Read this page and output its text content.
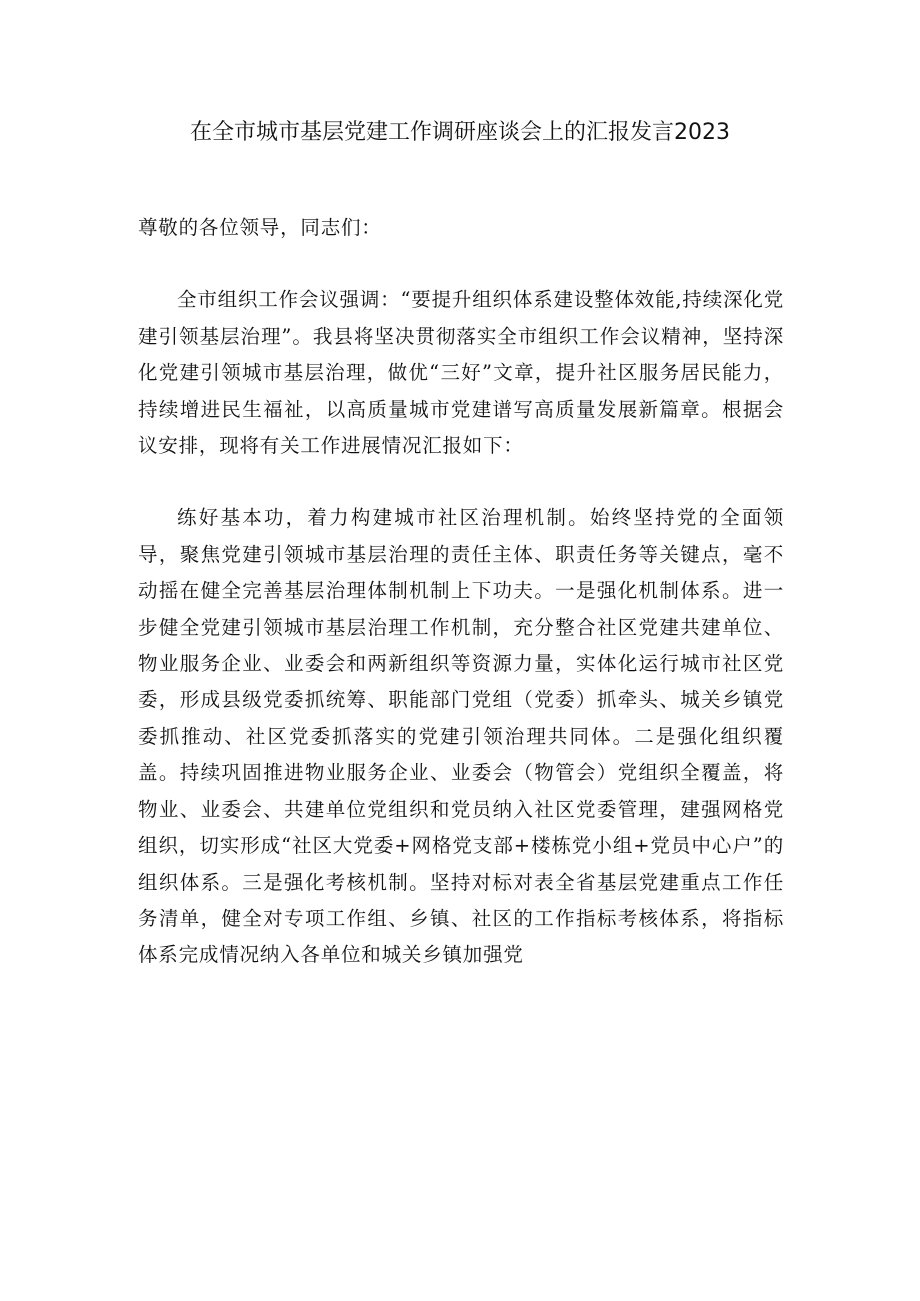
在全市城市基层党建工作调研座谈会上的汇报发言2023

尊敬的各位领导，同志们：

全市组织工作会议强调：“要提升组织体系建设整体效能,持续深化党建引领基层治理”。我县将坚决贯彻落实全市组织工作会议精神，坚持深化党建引领城市基层治理，做优“三好”文章，提升社区服务居民能力，持续增进民生福祉，以高质量城市党建谱写高质量发展新篇章。根据会议安排，现将有关工作进展情况汇报如下：

练好基本功，着力构建城市社区治理机制。始终坚持党的全面领导，聚焦党建引领城市基层治理的责任主体、职责任务等关键点，毫不动摇在健全完善基层治理体制机制上下功夫。一是强化机制体系。进一步健全党建引领城市基层治理工作机制，充分整合社区党建共建单位、物业服务企业、业委会和两新组织等资源力量，实体化运行城市社区党委，形成县级党委抓统筹、职能部门党组（党委）抓牵头、城关乡镇党委抓推动、社区党委抓落实的党建引领治理共同体。二是强化组织覆盖。持续巩固推进物业服务企业、业委会（物管会）党组织全覆盖，将物业、业委会、共建单位党组织和党员纳入社区党委管理，建强网格党组织，切实形成“社区大党委+网格党支部+楼栋党小组+党员中心户”的组织体系。三是强化考核机制。坚持对标对表全省基层党建重点工作任务清单，健全对专项工作组、乡镇、社区的工作指标考核体系，将指标体系完成情况纳入各单位和城关乡镇加强党
